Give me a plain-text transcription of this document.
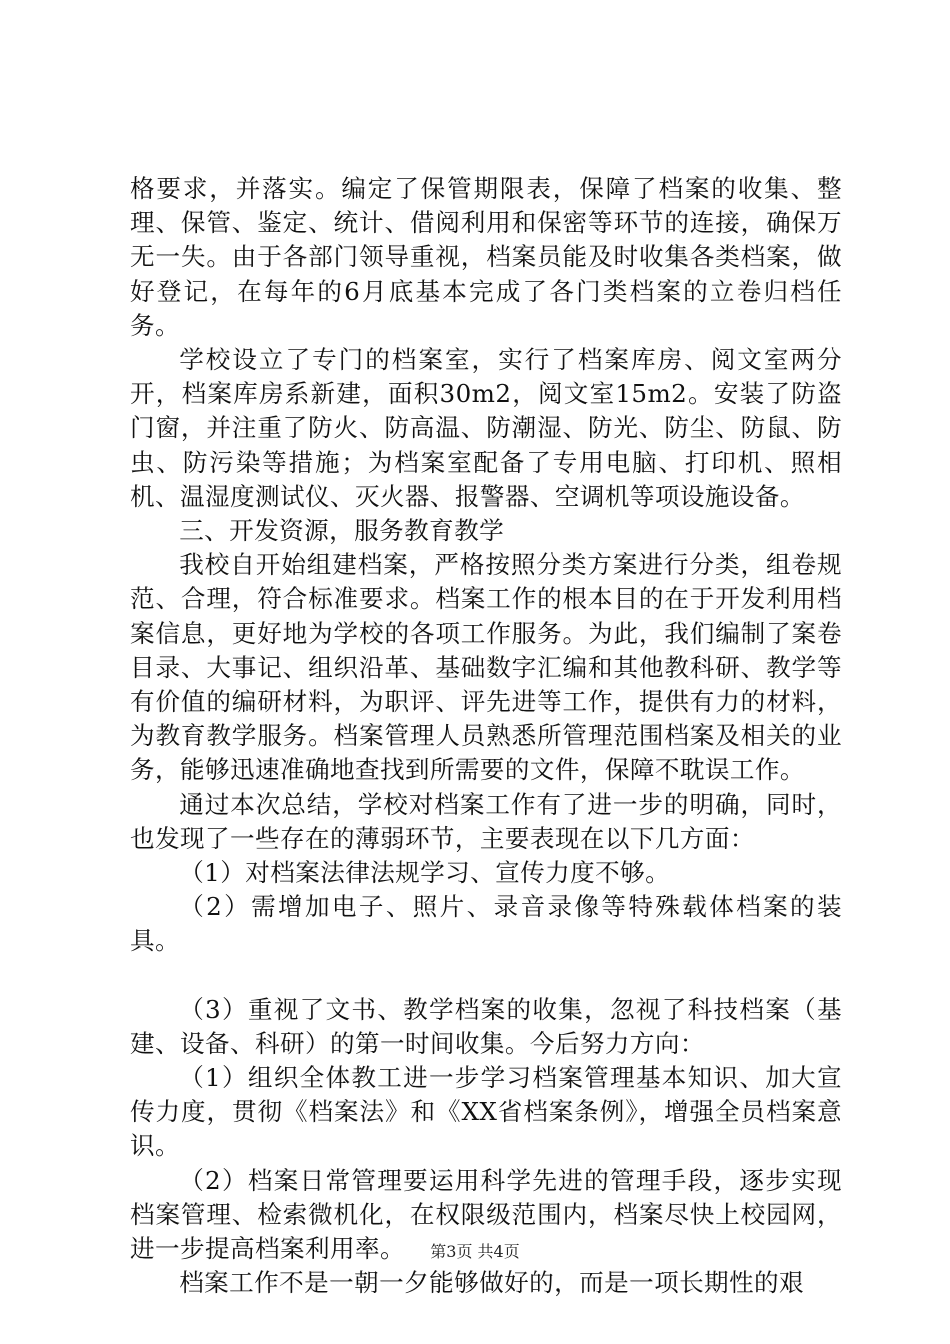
格要求，并落实。编定了保管期限表，保障了档案的收集、整理、保管、鉴定、统计、借阅利用和保密等环节的连接，确保万无一失。由于各部门领导重视，档案员能及时收集各类档案，做好登记，在每年的6月底基本完成了各门类档案的立卷归档任务。

学校设立了专门的档案室，实行了档案库房、阅文室两分开，档案库房系新建，面积30m2，阅文室15m2。安装了防盗门窗，并注重了防火、防高温、防潮湿、防光、防尘、防鼠、防虫、防污染等措施；为档案室配备了专用电脑、打印机、照相机、温湿度测试仪、灭火器、报警器、空调机等项设施设备。

三、开发资源，服务教育教学

我校自开始组建档案，严格按照分类方案进行分类，组卷规范、合理，符合标准要求。档案工作的根本目的在于开发利用档案信息，更好地为学校的各项工作服务。为此，我们编制了案卷目录、大事记、组织沿革、基础数字汇编和其他教科研、教学等有价值的编研材料，为职评、评先进等工作，提供有力的材料，为教育教学服务。档案管理人员熟悉所管理范围档案及相关的业务，能够迅速准确地查找到所需要的文件，保障不耽误工作。

通过本次总结，学校对档案工作有了进一步的明确，同时，也发现了一些存在的薄弱环节，主要表现在以下几方面：

（1）对档案法律法规学习、宣传力度不够。

（2）需增加电子、照片、录音录像等特殊载体档案的装具。

（3）重视了文书、教学档案的收集，忽视了科技档案（基建、设备、科研）的第一时间收集。今后努力方向：

（1）组织全体教工进一步学习档案管理基本知识、加大宣传力度，贯彻《档案法》和《XX省档案条例》，增强全员档案意识。

（2）档案日常管理要运用科学先进的管理手段，逐步实现档案管理、检索微机化，在权限级范围内，档案尽快上校园网，进一步提高档案利用率。

档案工作不是一朝一夕能够做好的，而是一项长期性的艰

第3页 共4页
